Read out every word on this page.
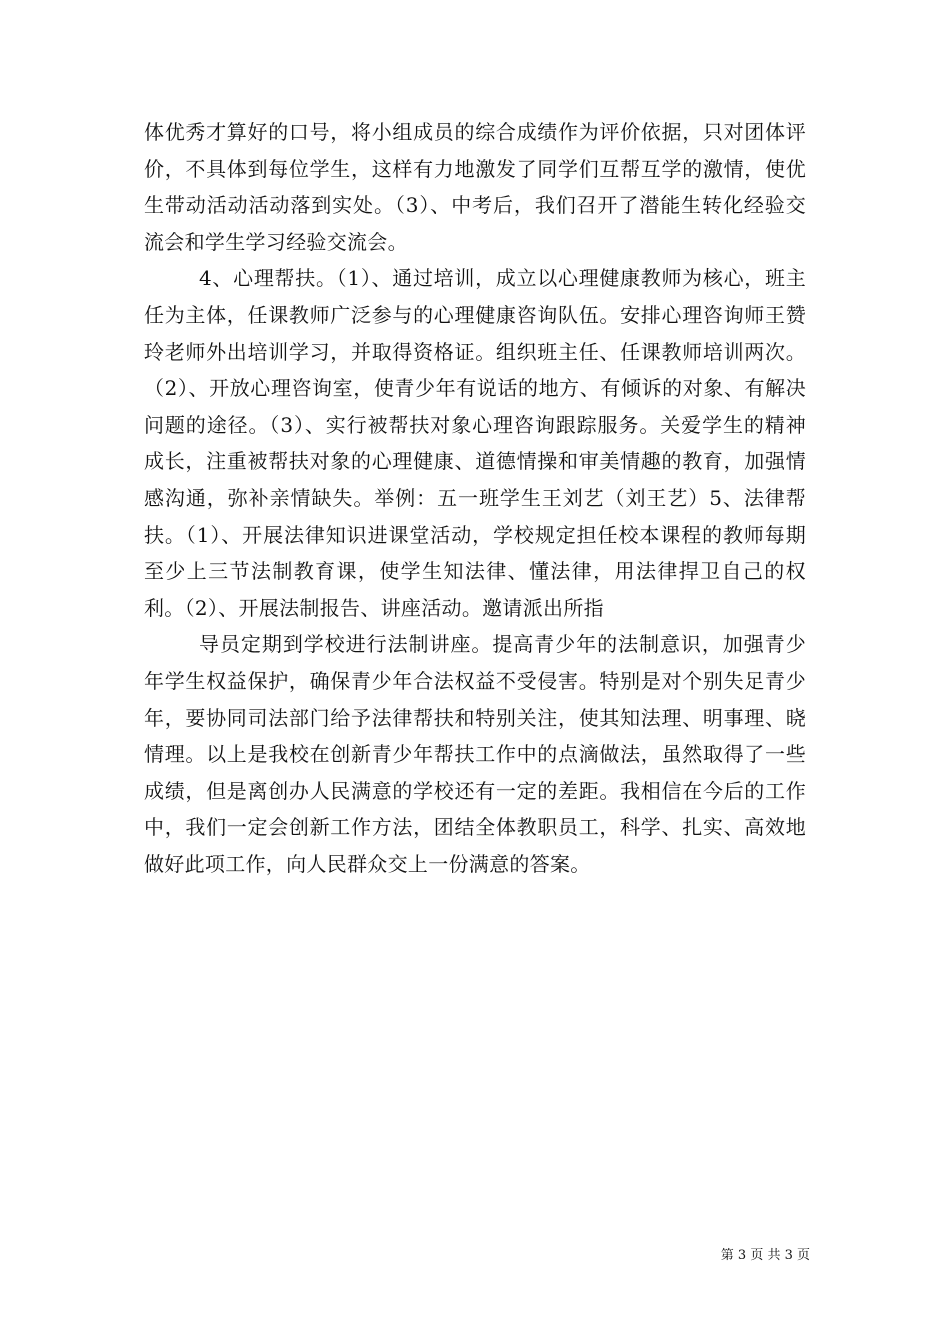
体优秀才算好的口号，将小组成员的综合成绩作为评价依据，只对团体评价，不具体到每位学生，这样有力地激发了同学们互帮互学的激情，使优生带动活动活动落到实处。（3）、中考后，我们召开了潜能生转化经验交流会和学生学习经验交流会。

4、心理帮扶。（1）、通过培训，成立以心理健康教师为核心，班主任为主体，任课教师广泛参与的心理健康咨询队伍。安排心理咨询师王赞玲老师外出培训学习，并取得资格证。组织班主任、任课教师培训两次。（2）、开放心理咨询室，使青少年有说话的地方、有倾诉的对象、有解决问题的途径。（3）、实行被帮扶对象心理咨询跟踪服务。关爱学生的精神成长，注重被帮扶对象的心理健康、道德情操和审美情趣的教育，加强情感沟通，弥补亲情缺失。举例：五一班学生王刘艺（刘王艺）5、法律帮扶。（1）、开展法律知识进课堂活动，学校规定担任校本课程的教师每期至少上三节法制教育课，使学生知法律、懂法律，用法律捍卫自己的权利。（2）、开展法制报告、讲座活动。邀请派出所指

导员定期到学校进行法制讲座。提高青少年的法制意识，加强青少年学生权益保护，确保青少年合法权益不受侵害。特别是对个别失足青少年，要协同司法部门给予法律帮扶和特别关注，使其知法理、明事理、晓情理。以上是我校在创新青少年帮扶工作中的点滴做法，虽然取得了一些成绩，但是离创办人民满意的学校还有一定的差距。我相信在今后的工作中，我们一定会创新工作方法，团结全体教职员工，科学、扎实、高效地做好此项工作，向人民群众交上一份满意的答案。

第 3 页 共 3 页
